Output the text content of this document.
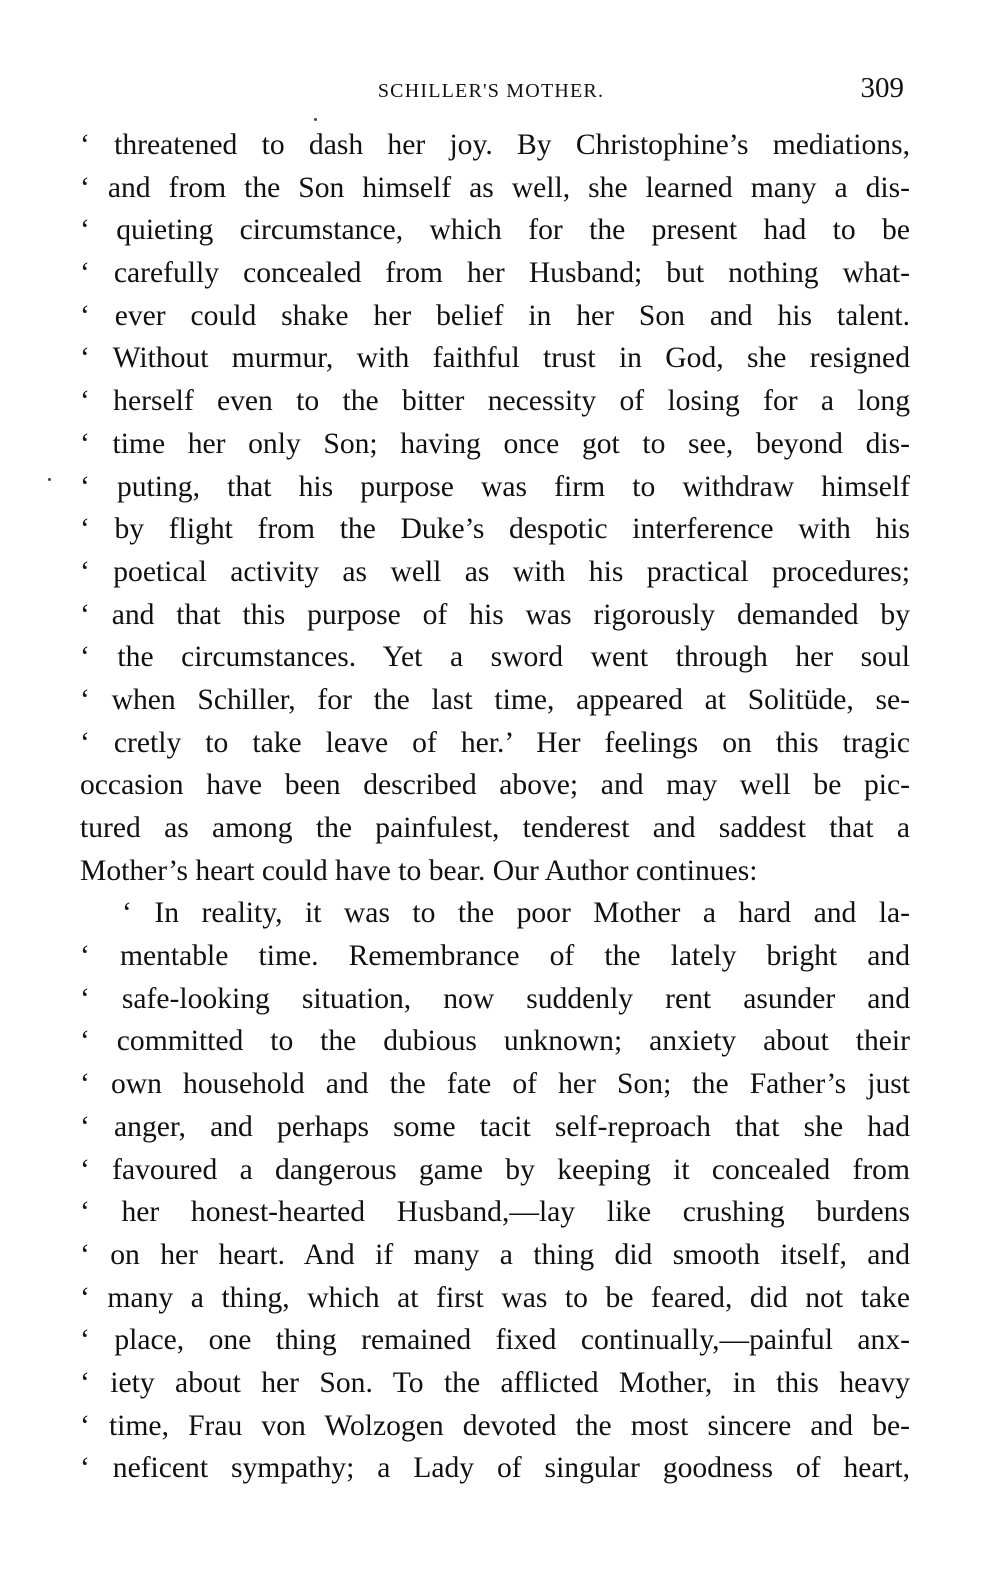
SCHILLER'S MOTHER.	309
‘ threatened to dash her joy. By Christophine’s mediations,
‘ and from the Son himself as well, she learned many a dis-
‘ quieting circumstance, which for the present had to be
‘ carefully concealed from her Husband; but nothing what-
‘ ever could shake her belief in her Son and his talent.
‘ Without murmur, with faithful trust in God, she resigned
‘ herself even to the bitter necessity of losing for a long
‘ time her only Son; having once got to see, beyond dis-
‘ puting, that his purpose was firm to withdraw himself
‘ by flight from the Duke’s despotic interference with his
‘ poetical activity as well as with his practical procedures;
‘ and that this purpose of his was rigorously demanded by
‘ the circumstances. Yet a sword went through her soul
‘ when Schiller, for the last time, appeared at Solitüde, se-
‘ cretly to take leave of her.’ Her feelings on this tragic
occasion have been described above; and may well be pic-
tured as among the painfulest, tenderest and saddest that a
Mother’s heart could have to bear. Our Author continues:
‘ In reality, it was to the poor Mother a hard and la-
‘ mentable time. Remembrance of the lately bright and
‘ safe-looking situation, now suddenly rent asunder and
‘ committed to the dubious unknown; anxiety about their
‘ own household and the fate of her Son; the Father’s just
‘ anger, and perhaps some tacit self-reproach that she had
‘ favoured a dangerous game by keeping it concealed from
‘ her honest-hearted Husband,—lay like crushing burdens
‘ on her heart. And if many a thing did smooth itself, and
‘ many a thing, which at first was to be feared, did not take
‘ place, one thing remained fixed continually,—painful anx-
‘ iety about her Son. To the afflicted Mother, in this heavy
‘ time, Frau von Wolzogen devoted the most sincere and be-
‘ neficent sympathy; a Lady of singular goodness of heart,
